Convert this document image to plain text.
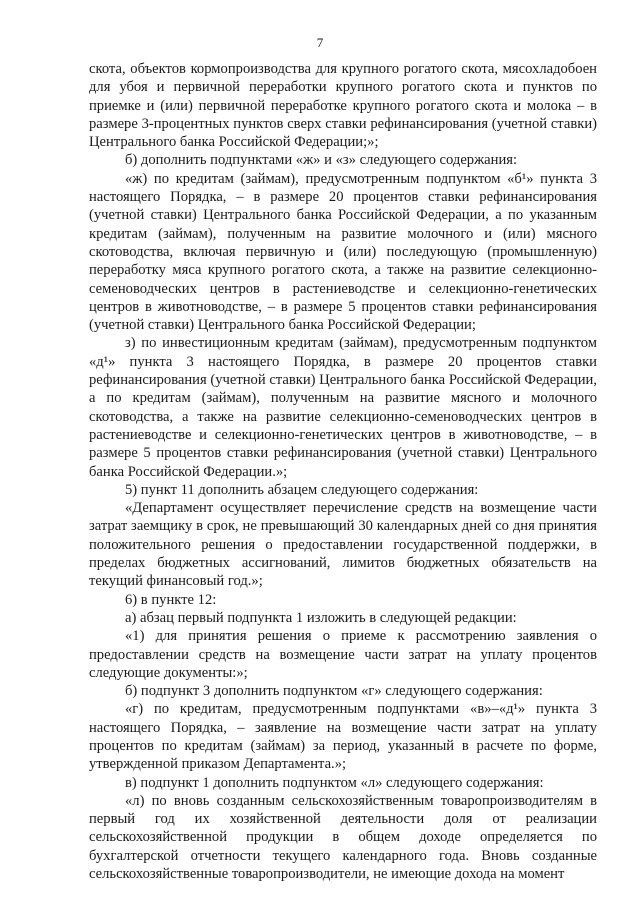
7

скота, объектов кормопроизводства для крупного рогатого скота, мясохладобоен для убоя и первичной переработки крупного рогатого скота и пунктов по приемке и (или) первичной переработке крупного рогатого скота и молока – в размере 3-процентных пунктов сверх ставки рефинансирования (учетной ставки) Центрального банка Российской Федерации;»;

б) дополнить подпунктами «ж» и «з» следующего содержания:

«ж) по кредитам (займам), предусмотренным подпунктом «б¹» пункта 3 настоящего Порядка, – в размере 20 процентов ставки рефинансирования (учетной ставки) Центрального банка Российской Федерации, а по указанным кредитам (займам), полученным на развитие молочного и (или) мясного скотоводства, включая первичную и (или) последующую (промышленную) переработку мяса крупного рогатого скота, а также на развитие селекционно-семеноводческих центров в растениеводстве и селекционно-генетических центров в животноводстве, – в размере 5 процентов ставки рефинансирования (учетной ставки) Центрального банка Российской Федерации;

з) по инвестиционным кредитам (займам), предусмотренным подпунктом «д¹» пункта 3 настоящего Порядка, в размере 20 процентов ставки рефинансирования (учетной ставки) Центрального банка Российской Федерации, а по кредитам (займам), полученным на развитие мясного и молочного скотоводства, а также на развитие селекционно-семеноводческих центров в растениеводстве и селекционно-генетических центров в животноводстве, – в размере 5 процентов ставки рефинансирования (учетной ставки) Центрального банка Российской Федерации.»;

5) пункт 11 дополнить абзацем следующего содержания:

«Департамент осуществляет перечисление средств на возмещение части затрат заемщику в срок, не превышающий 30 календарных дней со дня принятия положительного решения о предоставлении государственной поддержки, в пределах бюджетных ассигнований, лимитов бюджетных обязательств на текущий финансовый год.»;

6) в пункте 12:

а) абзац первый подпункта 1 изложить в следующей редакции:

«1) для принятия решения о приеме к рассмотрению заявления о предоставлении средств на возмещение части затрат на уплату процентов следующие документы:»;

б) подпункт 3 дополнить подпунктом «г» следующего содержания:

«г) по кредитам, предусмотренным подпунктами «в»–«д¹» пункта 3 настоящего Порядка, – заявление на возмещение части затрат на уплату процентов по кредитам (займам) за период, указанный в расчете по форме, утвержденной приказом Департамента.»;

в) подпункт 1 дополнить подпунктом «л» следующего содержания:

«л) по вновь созданным сельскохозяйственным товаропроизводителям в первый год их хозяйственной деятельности доля от реализации сельскохозяйственной продукции в общем доходе определяется по бухгалтерской отчетности текущего календарного года. Вновь созданные сельскохозяйственные товаропроизводители, не имеющие дохода на момент
